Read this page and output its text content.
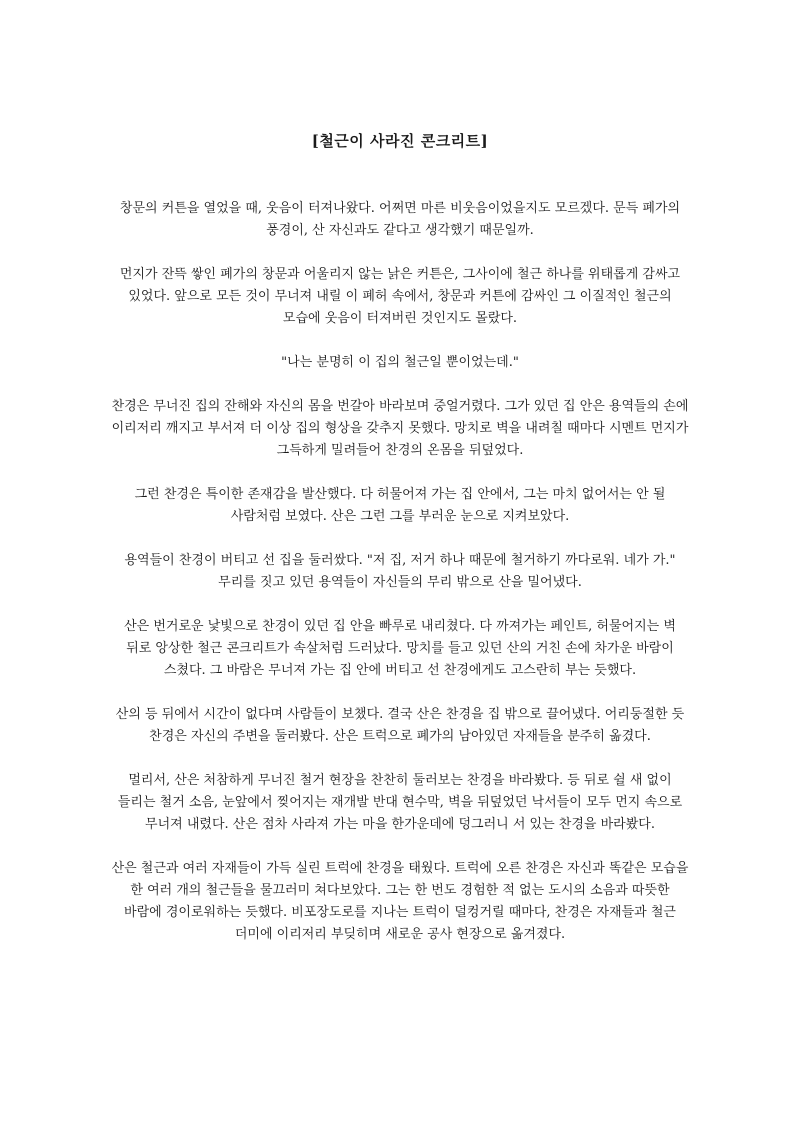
[철근이 사라진 콘크리트]

창문의 커튼을 열었을 때, 웃음이 터져나왔다. 어쩌면 마른 비웃음이었을지도 모르겠다. 문득 폐가의 풍경이, 산 자신과도 같다고 생각했기 때문일까.

먼지가 잔뜩 쌓인 폐가의 창문과 어울리지 않는 낡은 커튼은, 그사이에 철근 하나를 위태롭게 감싸고 있었다. 앞으로 모든 것이 무너져 내릴 이 폐허 속에서, 창문과 커튼에 감싸인 그 이질적인 철근의 모습에 웃음이 터져버린 것인지도 몰랐다.

"나는 분명히 이 집의 철근일 뿐이었는데."

찬경은 무너진 집의 잔해와 자신의 몸을 번갈아 바라보며 중얼거렸다. 그가 있던 집 안은 용역들의 손에 이리저리 깨지고 부서져 더 이상 집의 형상을 갖추지 못했다. 망치로 벽을 내려칠 때마다 시멘트 먼지가 그득하게 밀려들어 찬경의 온몸을 뒤덮었다.

그런 찬경은 특이한 존재감을 발산했다. 다 허물어져 가는 집 안에서, 그는 마치 없어서는 안 될 사람처럼 보였다. 산은 그런 그를 부러운 눈으로 지켜보았다.

용역들이 찬경이 버티고 선 집을 둘러쌌다. "저 집, 저거 하나 때문에 철거하기 까다로워. 네가 가." 무리를 짓고 있던 용역들이 자신들의 무리 밖으로 산을 밀어냈다.

산은 번거로운 낯빛으로 찬경이 있던 집 안을 빠루로 내리쳤다. 다 까져가는 페인트, 허물어지는 벽 뒤로 앙상한 철근 콘크리트가 속살처럼 드러났다. 망치를 들고 있던 산의 거친 손에 차가운 바람이 스쳤다. 그 바람은 무너져 가는 집 안에 버티고 선 찬경에게도 고스란히 부는 듯했다.

산의 등 뒤에서 시간이 없다며 사람들이 보챘다. 결국 산은 찬경을 집 밖으로 끌어냈다. 어리둥절한 듯 찬경은 자신의 주변을 둘러봤다. 산은 트럭으로 폐가의 남아있던 자재들을 분주히 옮겼다.

멀리서, 산은 처참하게 무너진 철거 현장을 찬찬히 둘러보는 찬경을 바라봤다. 등 뒤로 쉴 새 없이 들리는 철거 소음, 눈앞에서 찢어지는 재개발 반대 현수막, 벽을 뒤덮었던 낙서들이 모두 먼지 속으로 무너져 내렸다. 산은 점차 사라져 가는 마을 한가운데에 덩그러니 서 있는 찬경을 바라봤다.

산은 철근과 여러 자재들이 가득 실린 트럭에 찬경을 태웠다. 트럭에 오른 찬경은 자신과 똑같은 모습을 한 여러 개의 철근들을 물끄러미 쳐다보았다. 그는 한 번도 경험한 적 없는 도시의 소음과 따뜻한 바람에 경이로워하는 듯했다. 비포장도로를 지나는 트럭이 덜컹거릴 때마다, 찬경은 자재들과 철근 더미에 이리저리 부딪히며 새로운 공사 현장으로 옮겨졌다.
